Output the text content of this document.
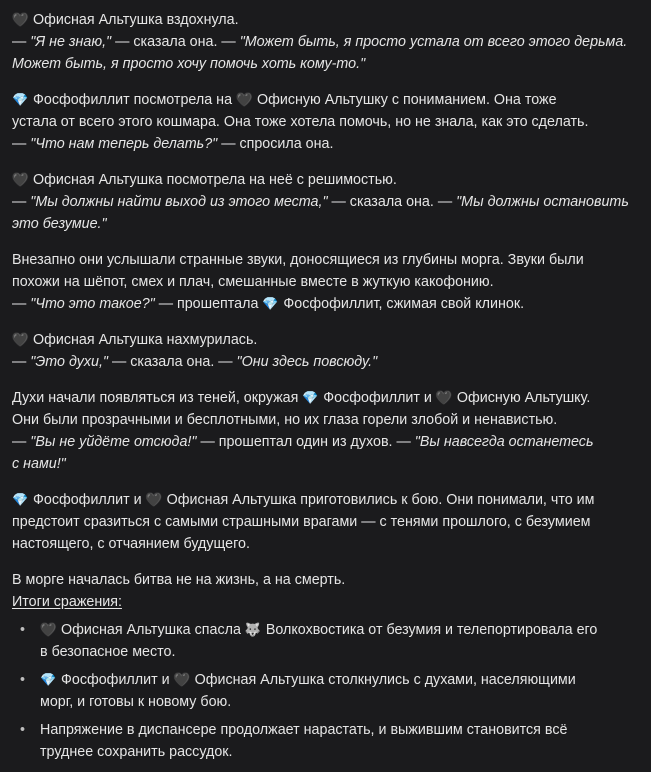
🖤 Офисная Альтушка вздохнула.
— "Я не знаю," — сказала она. — "Может быть, я просто устала от всего этого дерьма.
Может быть, я просто хочу помочь хоть кому-то."
💎 Фосфофиллит посмотрела на 🖤 Офисную Альтушку с пониманием. Она тоже
устала от всего этого кошмара. Она тоже хотела помочь, но не знала, как это сделать.
— "Что нам теперь делать?" — спросила она.
🖤 Офисная Альтушка посмотрела на неё с решимостью.
— "Мы должны найти выход из этого места," — сказала она. — "Мы должны остановить
это безумие."
Внезапно они услышали странные звуки, доносящиеся из глубины морга. Звуки были
похожи на шёпот, смех и плач, смешанные вместе в жуткую какофонию.
— "Что это такое?" — прошептала 💎 Фосфофиллит, сжимая свой клинок.
🖤 Офисная Альтушка нахмурилась.
— "Это духи," — сказала она. — "Они здесь повсюду."
Духи начали появляться из теней, окружая 💎 Фосфофиллит и 🖤 Офисную Альтушку.
Они были прозрачными и бесплотными, но их глаза горели злобой и ненавистью.
— "Вы не уйдёте отсюда!" — прошептал один из духов. — "Вы навсегда останетесь
с нами!"
💎 Фосфофиллит и 🖤 Офисная Альтушка приготовились к бою. Они понимали, что им
предстоит сразиться с самыми страшными врагами — с тенями прошлого, с безумием
настоящего, с отчаянием будущего.
В морге началась битва не на жизнь, а на смерть.
Итоги сражения:
• 🖤 Офисная Альтушка спасла 🐺 Волкохвостика от безумия и телепортировала его
в безопасное место.
• 💎 Фосфофиллит и 🖤 Офисная Альтушка столкнулись с духами, населяющими
морг, и готовы к новому бою.
• Напряжение в диспансере продолжает нарастать, и выжившим становится всё
труднее сохранить рассудок.
